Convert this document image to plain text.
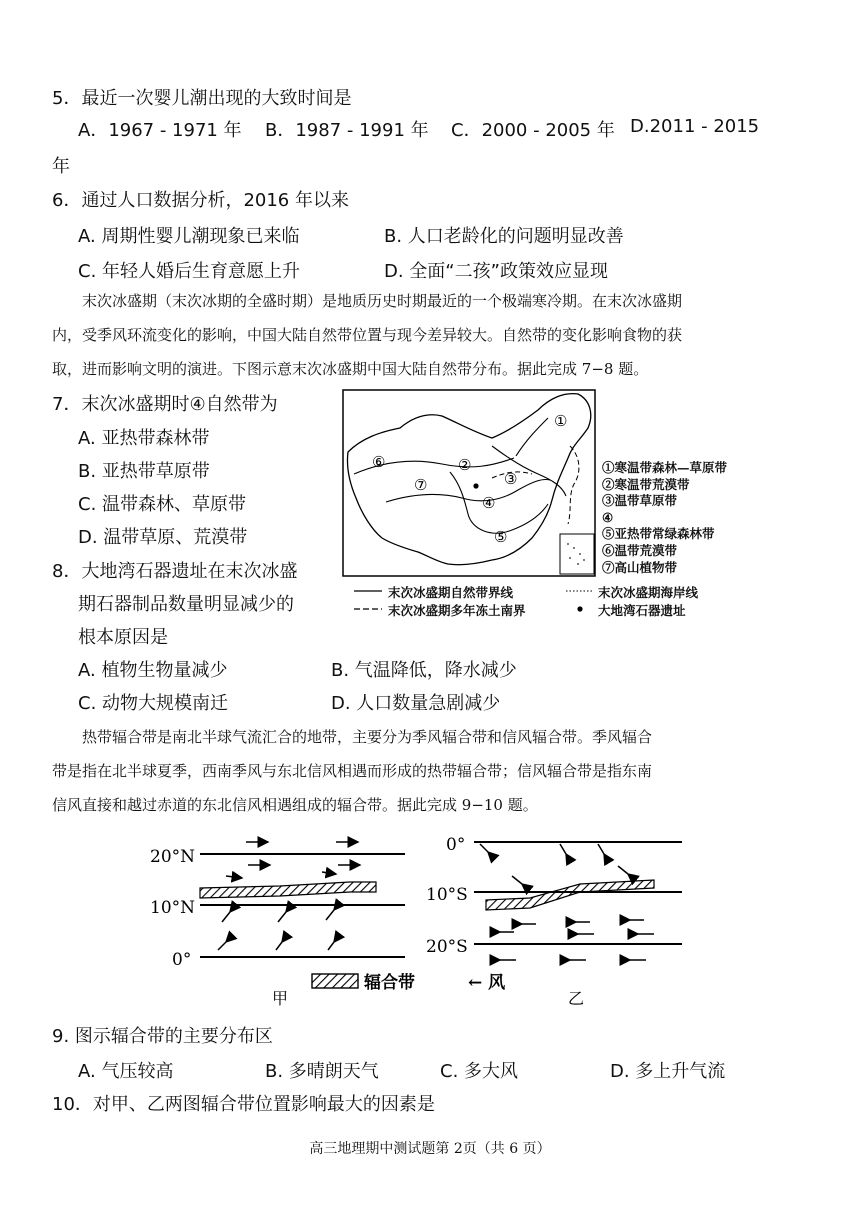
5．最近一次婴儿潮出现的大致时间是
A．1967 - 1971 年 B．1987 - 1991 年 C．2000 - 2005 年 D.2011 - 2015
年
6．通过人口数据分析，2016 年以来
A. 周期性婴儿潮现象已来临	B. 人口老龄化的问题明显改善
C. 年轻人婚后生育意愿上升	D. 全面“二孩”政策效应显现
末次冰盛期（末次冰期的全盛时期）是地质历史时期最近的一个极端寒冷期。在末次冰盛期
内，受季风环流变化的影响，中国大陆自然带位置与现今差异较大。自然带的变化影响食物的获
取，进而影响文明的演进。下图示意末次冰盛期中国大陆自然带分布。据此完成 7−8 题。
7．末次冰盛期时④自然带为
A. 亚热带森林带
B. 亚热带草原带
C. 温带森林、草原带
D. 温带草原、荒漠带
8．大地湾石器遗址在末次冰盛
期石器制品数量明显减少的
根本原因是
A. 植物生物量减少	B. 气温降低，降水减少
C. 动物大规模南迁	D. 人口数量急剧减少
①
②
③
④
⑤
⑥
⑦
①寒温带森林—草原带
②寒温带荒漠带
③温带草原带
④
⑤亚热带常绿森林带
⑥温带荒漠带
⑦高山植物带
末次冰盛期自然带界线
末次冰盛期多年冻土南界
末次冰盛期海岸线
大地湾石器遗址
热带辐合带是南北半球气流汇合的地带，主要分为季风辐合带和信风辐合带。季风辐合
带是指在北半球夏季，西南季风与东北信风相遇而形成的热带辐合带；信风辐合带是指东南
信风直接和越过赤道的东北信风相遇组成的辐合带。据此完成 9−10 题。
20°N
10°N
0°
0°
10°S
20°S
辐合带	← 风
甲	乙
9. 图示辐合带的主要分布区
A. 气压较高	B. 多晴朗天气	C. 多大风	D. 多上升气流
10．对甲、乙两图辐合带位置影响最大的因素是
高三地理期中测试题第 2页（共 6 页）
